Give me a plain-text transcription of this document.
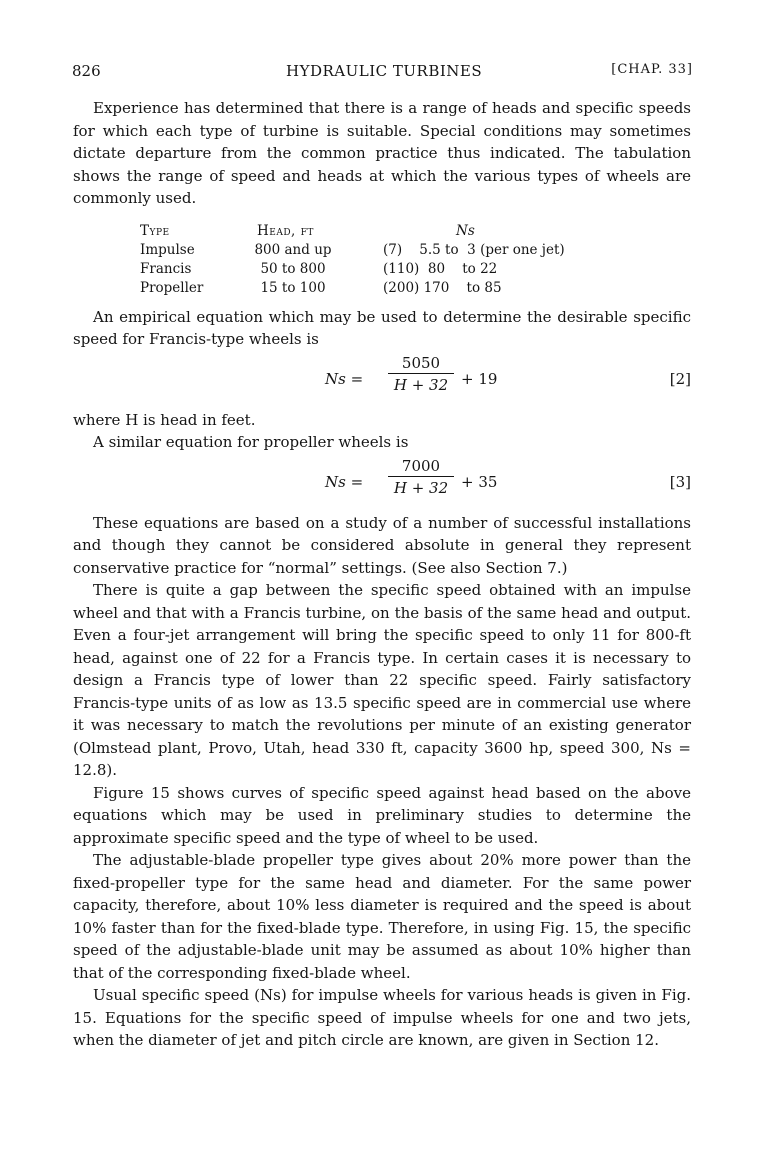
826	HYDRAULIC TURBINES	[CHAP. 33]

Experience has determined that there is a range of heads and specific speeds for which each type of turbine is suitable. Special conditions may sometimes dictate departure from the common practice thus indicated. The tabulation shows the range of speed and heads at which the various types of wheels are commonly used.

Type	Head, ft	Ns
Impulse	800 and up	(7)    5.5 to  3 (per one jet)
Francis	50 to 800	(110)  80    to 22
Propeller	15 to 100	(200) 170    to 85

An empirical equation which may be used to determine the desirable specific speed for Francis-type wheels is

$Ns = \frac{5050}{H + 32} + 19$	[2]

where H is head in feet.

A similar equation for propeller wheels is

$Ns = \frac{7000}{H + 32} + 35$	[3]

These equations are based on a study of a number of successful installations and though they cannot be considered absolute in general they represent conservative practice for “normal” settings. (See also Section 7.)

There is quite a gap between the specific speed obtained with an impulse wheel and that with a Francis turbine, on the basis of the same head and output. Even a four-jet arrangement will bring the specific speed to only 11 for 800-ft head, against one of 22 for a Francis type. In certain cases it is necessary to design a Francis type of lower than 22 specific speed. Fairly satisfactory Francis-type units of as low as 13.5 specific speed are in commercial use where it was necessary to match the revolutions per minute of an existing generator (Olmstead plant, Provo, Utah, head 330 ft, capacity 3600 hp, speed 300, Ns = 12.8).

Figure 15 shows curves of specific speed against head based on the above equations which may be used in preliminary studies to determine the approximate specific speed and the type of wheel to be used.

The adjustable-blade propeller type gives about 20% more power than the fixed-propeller type for the same head and diameter. For the same power capacity, therefore, about 10% less diameter is required and the speed is about 10% faster than for the fixed-blade type. Therefore, in using Fig. 15, the specific speed of the adjustable-blade unit may be assumed as about 10% higher than that of the corresponding fixed-blade wheel.

Usual specific speed (Ns) for impulse wheels for various heads is given in Fig. 15. Equations for the specific speed of impulse wheels for one and two jets, when the diameter of jet and pitch circle are known, are given in Section 12.
